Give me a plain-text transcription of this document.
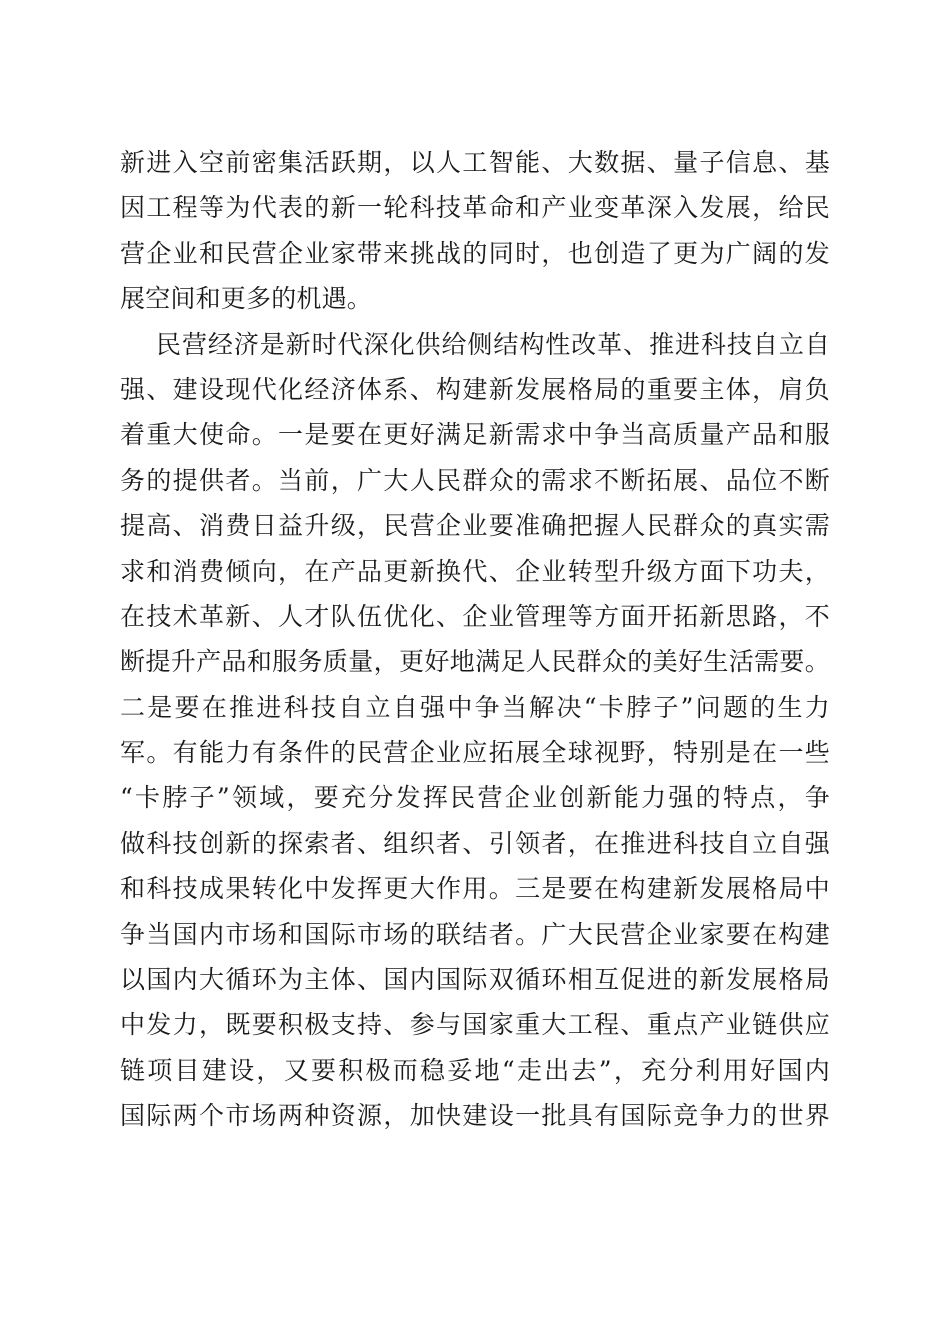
新进入空前密集活跃期，以人工智能、大数据、量子信息、基
因工程等为代表的新一轮科技革命和产业变革深入发展，给民
营企业和民营企业家带来挑战的同时，也创造了更为广阔的发
展空间和更多的机遇。
民营经济是新时代深化供给侧结构性改革、推进科技自立自
强、建设现代化经济体系、构建新发展格局的重要主体，肩负
着重大使命。一是要在更好满足新需求中争当高质量产品和服
务的提供者。当前，广大人民群众的需求不断拓展、品位不断
提高、消费日益升级，民营企业要准确把握人民群众的真实需
求和消费倾向，在产品更新换代、企业转型升级方面下功夫，
在技术革新、人才队伍优化、企业管理等方面开拓新思路，不
断提升产品和服务质量，更好地满足人民群众的美好生活需要。
二是要在推进科技自立自强中争当解决“卡脖子”问题的生力
军。有能力有条件的民营企业应拓展全球视野，特别是在一些
“卡脖子”领域，要充分发挥民营企业创新能力强的特点，争
做科技创新的探索者、组织者、引领者，在推进科技自立自强
和科技成果转化中发挥更大作用。三是要在构建新发展格局中
争当国内市场和国际市场的联结者。广大民营企业家要在构建
以国内大循环为主体、国内国际双循环相互促进的新发展格局
中发力，既要积极支持、参与国家重大工程、重点产业链供应
链项目建设，又要积极而稳妥地“走出去”，充分利用好国内
国际两个市场两种资源，加快建设一批具有国际竞争力的世界
